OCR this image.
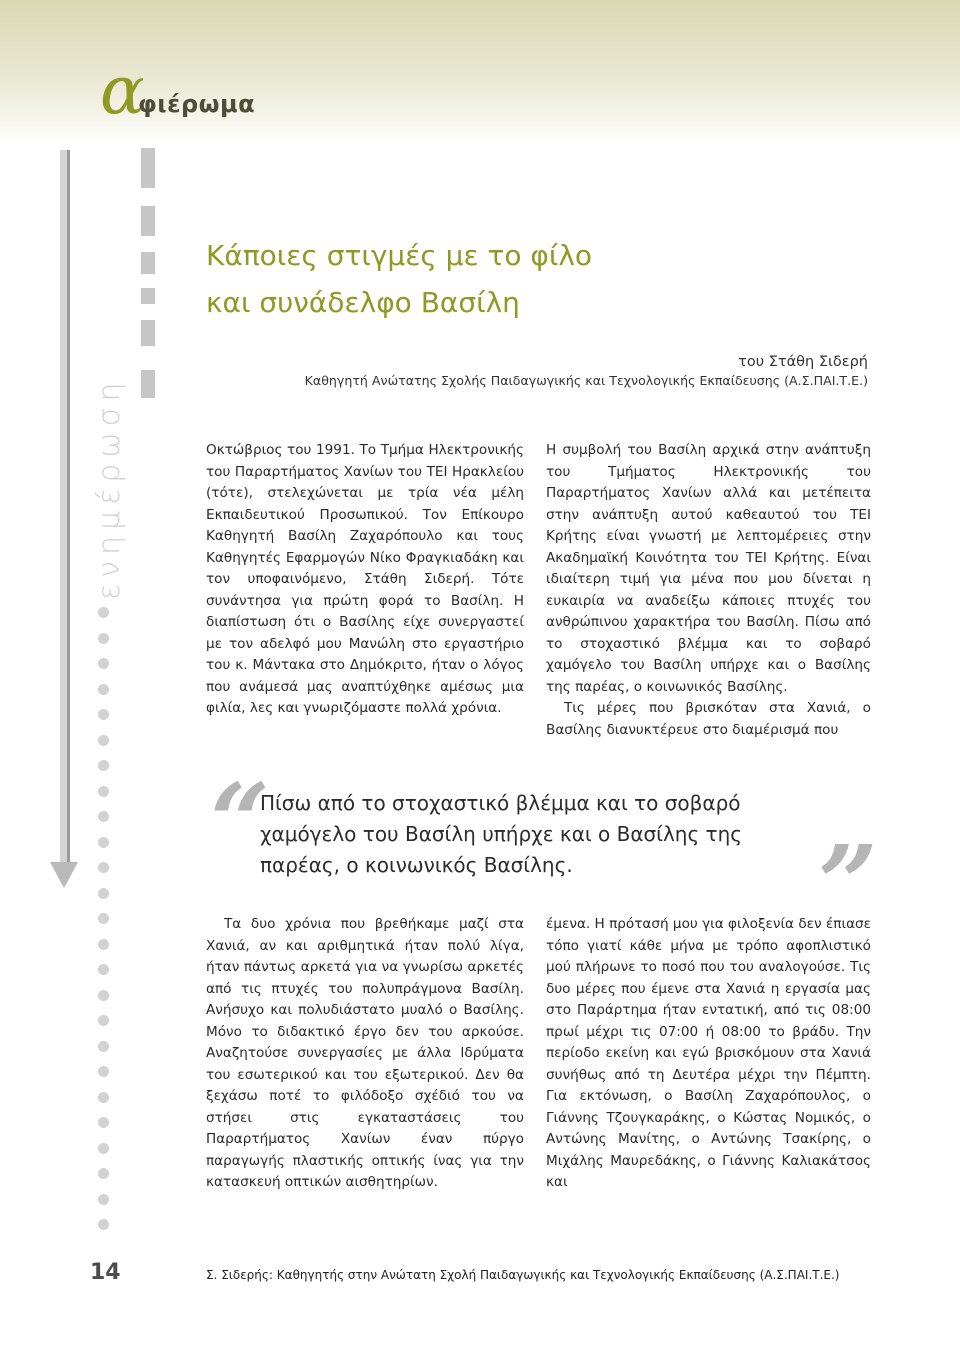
α
φιέρωμα
ενημέρωση
Κάποιες στιγμές με το φίλο
και συνάδελφο Βασίλη
του Στάθη Σιδερή
Καθηγητή Ανώτατης Σχολής Παιδαγωγικής και Τεχνολογικής Εκπαίδευσης (Α.Σ.ΠΑΙ.Τ.Ε.)

Οκτώβριος του 1991. Το Τμήμα Ηλεκτρονικής του Παραρτήματος Χανίων του ΤΕΙ Ηρακλείου (τότε), στελεχώνεται με τρία νέα μέλη Εκπαιδευτικού Προσωπικού. Τον Επίκουρο Καθηγητή Βασίλη Ζαχαρόπουλο και τους Καθηγητές Εφαρμογών Νίκο Φραγκιαδάκη και τον υποφαινόμενο, Στάθη Σιδερή. Τότε συνάντησα για πρώτη φορά το Βασίλη. Η διαπίστωση ότι ο Βασίλης είχε συνεργαστεί με τον αδελφό μου Μανώλη στο εργαστήριο του κ. Μάντακα στο Δημόκριτο, ήταν ο λόγος που ανάμεσά μας αναπτύχθηκε αμέσως μια φιλία, λες και γνωριζόμαστε πολλά χρόνια.

Η συμβολή του Βασίλη αρχικά στην ανάπτυξη του Τμήματος Ηλεκτρονικής του Παραρτήματος Χανίων αλλά και μετέπειτα στην ανάπτυξη αυτού καθεαυτού του ΤΕΙ Κρήτης είναι γνωστή με λεπτομέρειες στην Ακαδημαϊκή Κοινότητα του ΤΕΙ Κρήτης. Είναι ιδιαίτερη τιμή για μένα που μου δίνεται η ευκαιρία να αναδείξω κάποιες πτυχές του ανθρώπινου χαρακτήρα του Βασίλη. Πίσω από το στοχαστικό βλέμμα και το σοβαρό χαμόγελο του Βασίλη υπήρχε και ο Βασίλης της παρέας, ο κοινωνικός Βασίλης.

Τις μέρες που βρισκόταν στα Χανιά, ο Βασίλης διανυκτέρευε στο διαμέρισμά που

“
Πίσω από το στοχαστικό βλέμμα και το σοβαρό χαμόγελο του Βασίλη υπήρχε και ο Βασίλης της παρέας, ο κοινωνικός Βασίλης.	”

Τα δυο χρόνια που βρεθήκαμε μαζί στα Χανιά, αν και αριθμητικά ήταν πολύ λίγα, ήταν πάντως αρκετά για να γνωρίσω αρκετές από τις πτυχές του πολυπράγμονα Βασίλη. Ανήσυχο και πολυδιάστατο μυαλό ο Βασίλης. Μόνο το διδακτικό έργο δεν του αρκούσε. Αναζητούσε συνεργασίες με άλλα Ιδρύματα του εσωτερικού και του εξωτερικού. Δεν θα ξεχάσω ποτέ το φιλόδοξο σχέδιό του να στήσει στις εγκαταστάσεις του Παραρτήματος Χανίων έναν πύργο παραγωγής πλαστικής οπτικής ίνας για την κατασκευή οπτικών αισθητηρίων.

έμενα. Η πρότασή μου για φιλοξενία δεν έπιασε τόπο γιατί κάθε μήνα με τρόπο αφοπλιστικό μού πλήρωνε το ποσό που του αναλογούσε. Τις δυο μέρες που έμενε στα Χανιά η εργασία μας στο Παράρτημα ήταν εντατική, από τις 08:00 πρωί μέχρι τις 07:00 ή 08:00 το βράδυ. Την περίοδο εκείνη και εγώ βρισκόμουν στα Χανιά συνήθως από τη Δευτέρα μέχρι την Πέμπτη. Για εκτόνωση, ο Βασίλη Ζαχαρόπουλος, ο Γιάννης Τζουγκαράκης, ο Κώστας Νομικός, ο Αντώνης Μανίτης, ο Αντώνης Τσακίρης, ο Μιχάλης Μαυρεδάκης, ο Γιάννης Καλιακάτσος και

14	Σ. Σιδερής: Καθηγητής στην Ανώτατη Σχολή Παιδαγωγικής και Τεχνολογικής Εκπαίδευσης (Α.Σ.ΠΑΙ.Τ.Ε.)
